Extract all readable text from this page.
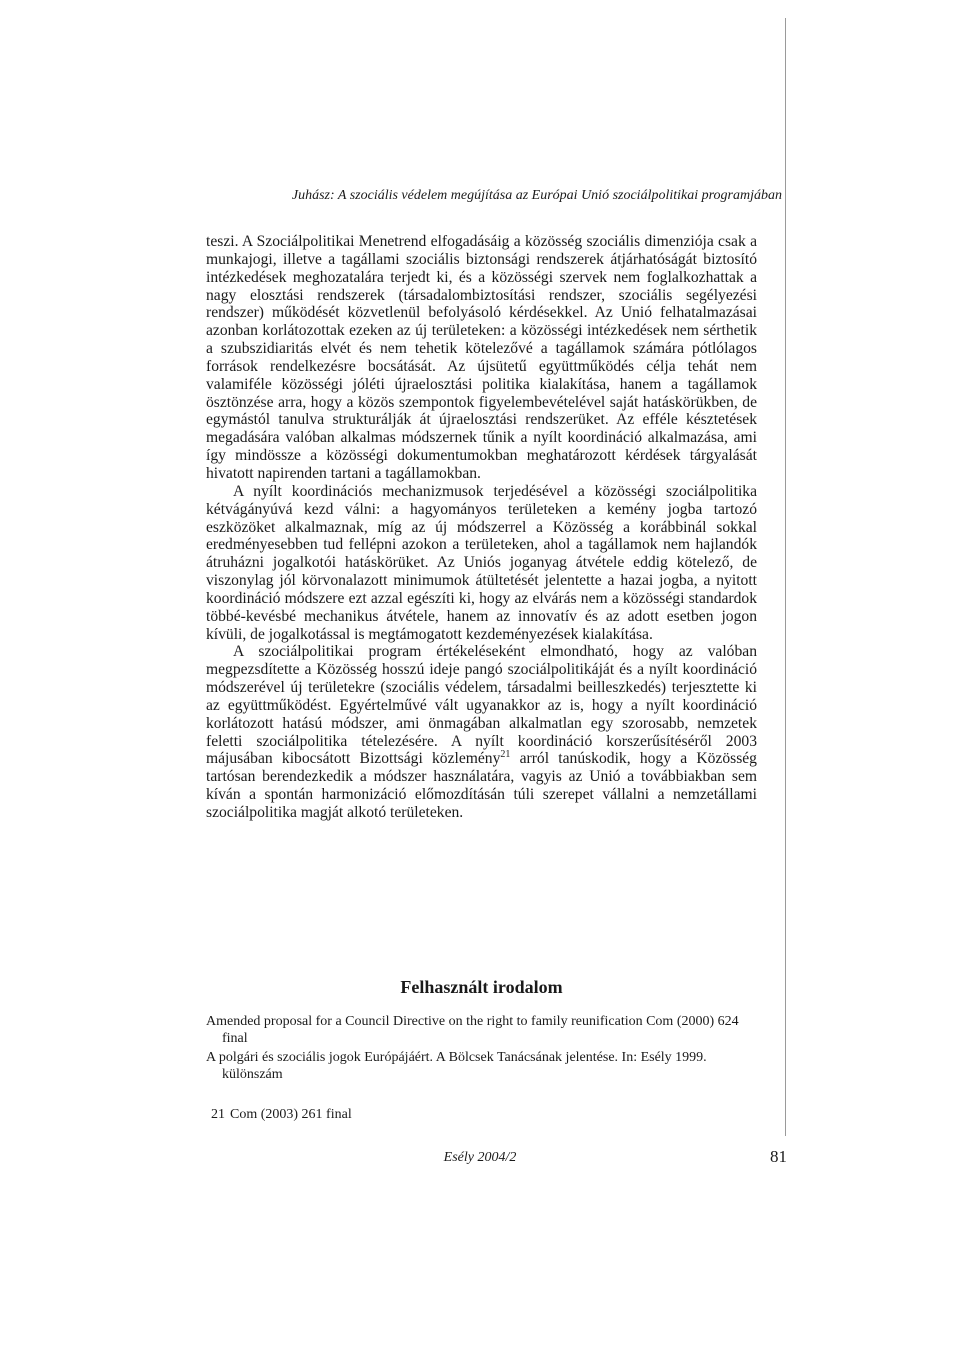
Juhász: A szociális védelem megújítása az Európai Unió szociálpolitikai programjában

teszi. A Szociálpolitikai Menetrend elfogadásáig a közösség szociális dimenziója csak a munkajogi, illetve a tagállami szociális biztonsági rendszerek átjárhatóságát biztosító intézkedések meghozatalára terjedt ki, és a közösségi szervek nem foglalkozhattak a nagy elosztási rendszerek (társadalombiztosítási rendszer, szociális segélyezési rendszer) működését közvetlenül befolyásoló kérdésekkel. Az Unió felhatalmazásai azonban korlátozottak ezeken az új területeken: a közösségi intézkedések nem sérthetik a szubszidiaritás elvét és nem tehetik kötelezővé a tagállamok számára pótlólagos források rendelkezésre bocsátását. Az újsütetű együttműködés célja tehát nem valamiféle közösségi jóléti újraelosztási politika kialakítása, hanem a tagállamok ösztönzése arra, hogy a közös szempontok figyelembevételével saját hatáskörükben, de egymástól tanulva strukturálják át újraelosztási rendszerüket. Az efféle késztetések megadására valóban alkalmas módszernek tűnik a nyílt koordináció alkalmazása, ami így mindössze a közösségi dokumentumokban meghatározott kérdések tárgyalását hivatott napirenden tartani a tagállamokban.

A nyílt koordinációs mechanizmusok terjedésével a közösségi szociálpolitika kétvágányúvá kezd válni: a hagyományos területeken a kemény jogba tartozó eszközöket alkalmaznak, míg az új módszerrel a Közösség a korábbinál sokkal eredményesebben tud fellépni azokon a területeken, ahol a tagállamok nem hajlandók átruházni jogalkotói hatáskörüket. Az Uniós joganyag átvétele eddig kötelező, de viszonylag jól körvonalazott minimumok átültetését jelentette a hazai jogba, a nyitott koordináció módszere ezt azzal egészíti ki, hogy az elvárás nem a közösségi standardok többé-kevésbé mechanikus átvétele, hanem az innovatív és az adott esetben jogon kívüli, de jogalkotással is megtámogatott kezdeményezések kialakítása.

A szociálpolitikai program értékeléseként elmondható, hogy az valóban megpezsdítette a Közösség hosszú ideje pangó szociálpolitikáját és a nyílt koordináció módszerével új területekre (szociális védelem, társadalmi beilleszkedés) terjesztette ki az együttműködést. Egyértelművé vált ugyanakkor az is, hogy a nyílt koordináció korlátozott hatású módszer, ami önmagában alkalmatlan egy szorosabb, nemzetek feletti szociálpolitika tételezésére. A nyílt koordináció korszerűsítéséről 2003 májusában kibocsátott Bizottsági közlemény$^{21}$ arról tanúskodik, hogy a Közösség tartósan berendezkedik a módszer használatára, vagyis az Unió a továbbiakban sem kíván a spontán harmonizáció előmozdításán túli szerepet vállalni a nemzetállami szociálpolitika magját alkotó területeken.

Felhasznált irodalom
Amended proposal for a Council Directive on the right to family reunification Com (2000) 624 final
A polgári és szociális jogok Európájáért. A Bölcsek Tanácsának jelentése. In: Esély 1999. különszám
21 Com (2003) 261 final
Esély 2004/2	81
